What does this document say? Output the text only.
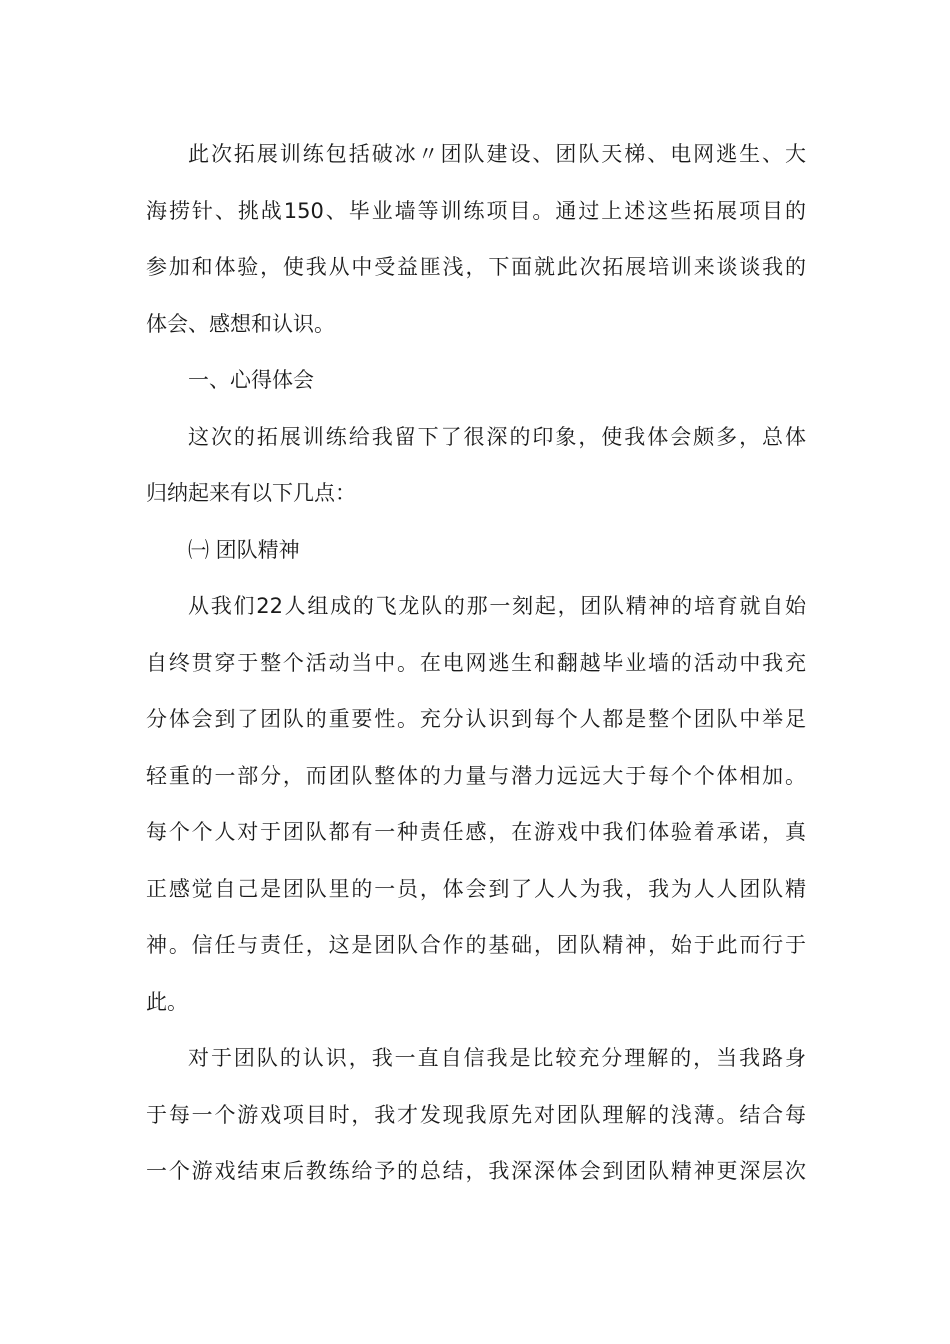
此次拓展训练包括破冰〃团队建设、团队天梯、电网逃生、大
海捞针、挑战150、毕业墙等训练项目。通过上述这些拓展项目的
参加和体验，使我从中受益匪浅，下面就此次拓展培训来谈谈我的
体会、感想和认识。
一、心得体会
这次的拓展训练给我留下了很深的印象，使我体会颇多，总体
归纳起来有以下几点：
㈠ 团队精神
从我们22人组成的飞龙队的那一刻起，团队精神的培育就自始
自终贯穿于整个活动当中。在电网逃生和翻越毕业墙的活动中我充
分体会到了团队的重要性。充分认识到每个人都是整个团队中举足
轻重的一部分，而团队整体的力量与潜力远远大于每个个体相加。
每个个人对于团队都有一种责任感，在游戏中我们体验着承诺，真
正感觉自己是团队里的一员，体会到了人人为我，我为人人团队精
神。信任与责任，这是团队合作的基础，团队精神，始于此而行于
此。
对于团队的认识，我一直自信我是比较充分理解的，当我路身
于每一个游戏项目时，我才发现我原先对团队理解的浅薄。结合每
一个游戏结束后教练给予的总结，我深深体会到团队精神更深层次
